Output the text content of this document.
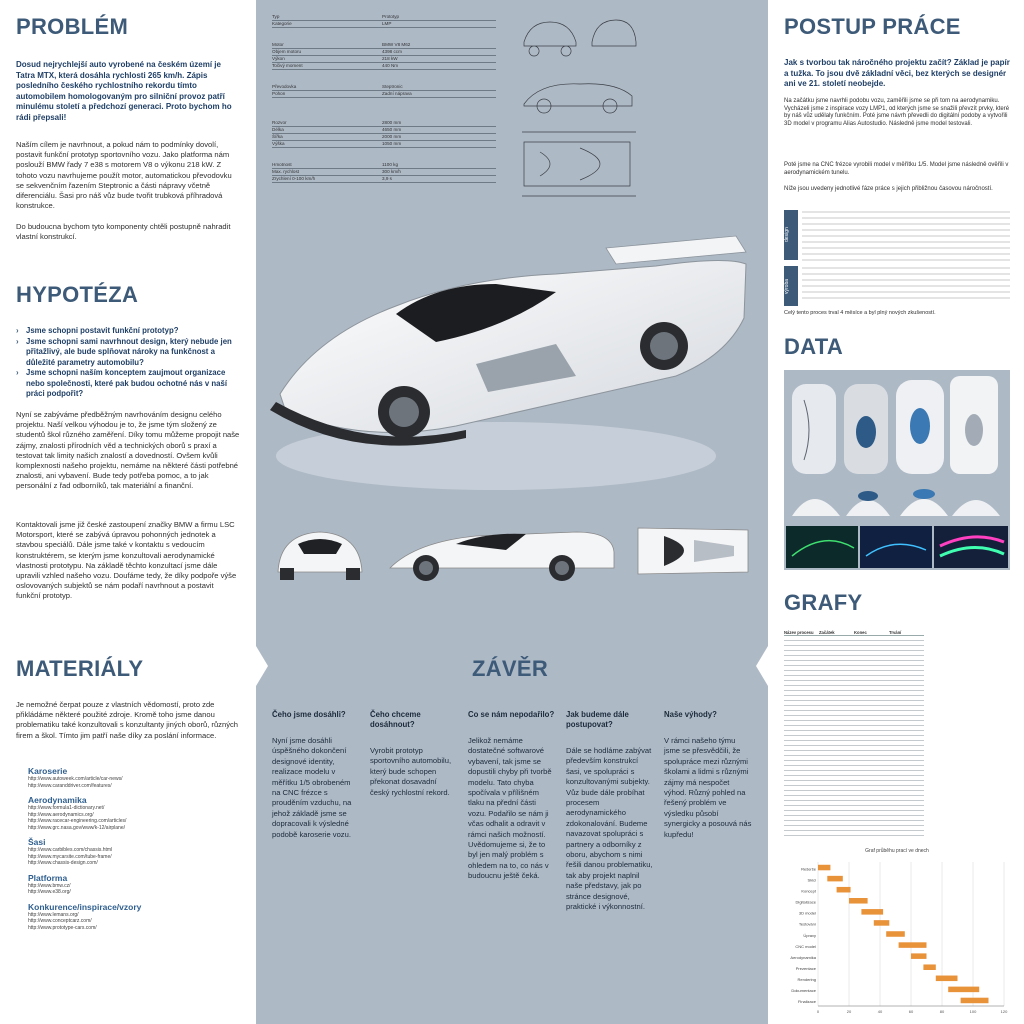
PROBLÉM
Dosud nejrychlejší auto vyrobené na českém území je Tatra MTX, která dosáhla rychlosti 265 km/h. Zápis posledního českého rychlostního rekordu tímto automobilem homologovaným pro silniční provoz patří minulému století a předchozí generaci. Proto bychom ho rádi přepsali!
Naším cílem je navrhnout, a pokud nám to podmínky dovolí, postavit funkční prototyp sportovního vozu. Jako platforma nám poslouží BMW řady 7 e38 s motorem V8 o výkonu 218 kW. Z tohoto vozu navrhujeme použít motor, automatickou převodovku se sekvenčním řazením Steptronic a části nápravy včetně diferenciálu. Šasi pro náš vůz bude tvořit trubková příhradová konstrukce.
Do budoucna bychom tyto komponenty chtěli postupně nahradit vlastní konstrukcí.
HYPOTÉZA
› Jsme schopni postavit funkční prototyp?
› Jsme schopni sami navrhnout design, který nebude jen přitažlivý, ale bude splňovat nároky na funkčnost a důležité parametry automobilu?
› Jsme schopni naším konceptem zaujmout organizace nebo společnosti, které pak budou ochotné nás v naší práci podpořit?
Nyní se zabýváme předběžným navrhováním designu celého projektu. Naší velkou výhodou je to, že jsme tým složený ze studentů škol různého zaměření. Díky tomu můžeme propojit naše zájmy, znalosti přírodních věd a technických oborů s praxí a testovat tak limity našich znalostí a dovedností. Ovšem kvůli komplexnosti našeho projektu, nemáme na některé části potřebné znalosti, ani vybavení. Bude tedy potřeba pomoc, a to jak personální z řad odborníků, tak materiální a finanční.
Kontaktovali jsme již české zastoupení značky BMW a firmu LSC Motorsport, které se zabývá úpravou pohonných jednotek a stavbou speciálů. Dále jsme také v kontaktu s vedoucím konstruktérem, se kterým jsme konzultovali aerodynamické vlastnosti prototypu. Na základě těchto konzultací jsme dále upravili vzhled našeho vozu. Doufáme tedy, že díky podpoře výše oslovovaných subjektů se nám podaří navrhnout a postavit funkční prototyp.
MATERIÁLY
Je nemožné čerpat pouze z vlastních vědomostí, proto zde přikládáme některé použité zdroje. Kromě toho jsme danou problematiku také konzultovali s konzultanty jiných oborů, různých firem a škol. Tímto jim patří naše díky za poslání informace.
Karoserie
http://www.autoweek.com/article/car-news/
http://www.caranddriver.com/features/
Aerodynamika
http://www.formula1-dictionary.net/
http://www.aerodynamics.org/
http://www.racecar-engineering.com/articles/
http://www.grc.nasa.gov/www/k-12/airplane/
Šasi
http://www.carbibles.com/chassis.html
http://www.mycarsite.com/tube-frame/
http://www.chassis-design.com/
Platforma
http://www.bmw.cz/
http://www.e38.org/
Konkurence/inspirace/vzory
http://www.lemans.org/
http://www.conceptcarz.com/
http://www.prototype-cars.com/
Typ	Prototyp
Kategorie	LMP
Motor	BMW V8 M62
Objem motoru	4398 ccm
Výkon	218 kW
Točivý moment	440 Nm
Převodovka	Steptronic
Pohon	Zadní náprava
Rozvor	2800 mm
Délka	4650 mm
Šířka	2000 mm
Výška	1050 mm
Hmotnost	1100 kg
Max. rychlost	300 km/h
Zrychlení 0-100 km/h	3,9 s
ZÁVĚR
Čeho jsme dosáhli?
Nyní jsme dosáhli úspěšného dokončení designové identity, realizace modelu v měřítku 1/5 obrobeném na CNC frézce s prouděním vzduchu, na jehož základě jsme se dopracovali k výsledné podobě karoserie vozu.
Čeho chceme dosáhnout?
Vyrobit prototyp sportovního automobilu, který bude schopen překonat dosavadní český rychlostní rekord.
Co se nám nepodařilo?
Jelikož nemáme dostatečné softwarové vybavení, tak jsme se dopustili chyby při tvorbě modelu. Tato chyba spočívala v přílišném tlaku na přední části vozu. Podařilo se nám ji včas odhalit a odravit v rámci našich možností. Uvědomujeme si, že to byl jen malý problém s ohledem na to, co nás v budoucnu ještě čeká.
Jak budeme dále postupovat?
Dále se hodláme zabývat především konstrukcí šasi, ve spolupráci s konzultovanými subjekty. Vůz bude dále probíhat procesem aerodynamického zdokonalování. Budeme navazovat spolupráci s partnery a odborníky z oboru, abychom s nimi řešili danou problematiku, tak aby projekt naplnil naše představy, jak po stránce designové, praktické i výkonnostní.
Naše výhody?
V rámci našeho týmu jsme se přesvědčili, že spolupráce mezi různými školami a lidmi s různými zájmy má nespočet výhod. Různý pohled na řešený problém ve výsledku působí synergicky a posouvá nás kupředu!
POSTUP PRÁCE
Jak s tvorbou tak náročného projektu začít? Základ je papír a tužka. To jsou dvě základní věci, bez kterých se designér ani ve 21. století neobejde.
Na začátku jsme navrhli podobu vozu, zaměřili jsme se při tom na aerodynamiku. Vycházeli jsme z inspirace vozy LMP1, od kterých jsme se snažili převzít prvky, které by náš vůz udělaly funkčním. Poté jsme návrh převedli do digitální podoby a vytvořili 3D model v programu Alias Autostudio. Následně jsme model testovali.
Poté jsme na CNC frézce vyrobili model v měřítku 1/5. Model jsme následně ověřili v aerodynamickém tunelu.
Níže jsou uvedeny jednotlivé fáze práce s jejich přibližnou časovou náročností.
design
výroba
Celý tento proces trval 4 měsíce a byl plný nových zkušeností.
DATA
GRAFY
Název procesu	Začátek	Konec	Trvání
Graf průběhu prací ve dnech
Rešerše
Skici
Koncept
Digitalizace
3D model
Testování
Úpravy
CNC model
Aerodynamika
Prezentace
Rendering
Dokumentace
Finalizace
0	20	40	60	80	100	120
